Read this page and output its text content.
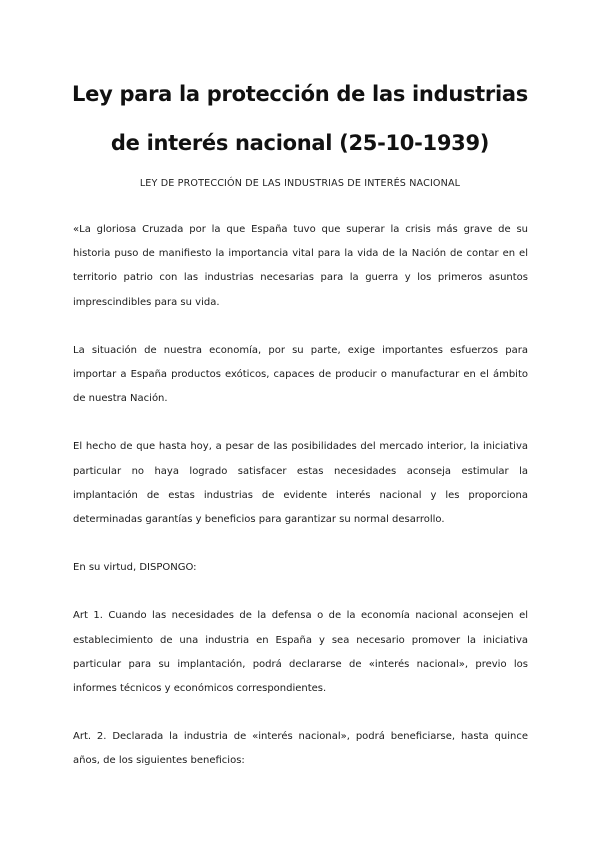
Ley para la protección de las industrias
de interés nacional (25-10-1939)
LEY DE PROTECCIÓN DE LAS INDUSTRIAS DE INTERÉS NACIONAL

«La gloriosa Cruzada por la que España tuvo que superar la crisis más grave de su historia puso de manifiesto la importancia vital para la vida de la Nación de contar en el territorio patrio con las industrias necesarias para la guerra y los primeros asuntos imprescindibles para su vida.

La situación de nuestra economía, por su parte, exige importantes esfuerzos para importar a España productos exóticos, capaces de producir o manufacturar en el ámbito de nuestra Nación.

El hecho de que hasta hoy, a pesar de las posibilidades del mercado interior, la iniciativa particular no haya logrado satisfacer estas necesidades aconseja estimular la implantación de estas industrias de evidente interés nacional y les proporciona determinadas garantías y beneficios para garantizar su normal desarrollo.

En su virtud, DISPONGO:

Art 1. Cuando las necesidades de la defensa o de la economía nacional aconsejen el establecimiento de una industria en España y sea necesario promover la iniciativa particular para su implantación, podrá declararse de «interés nacional», previo los informes técnicos y económicos correspondientes.

Art. 2. Declarada la industria de «interés nacional», podrá beneficiarse, hasta quince años, de los siguientes beneficios:
